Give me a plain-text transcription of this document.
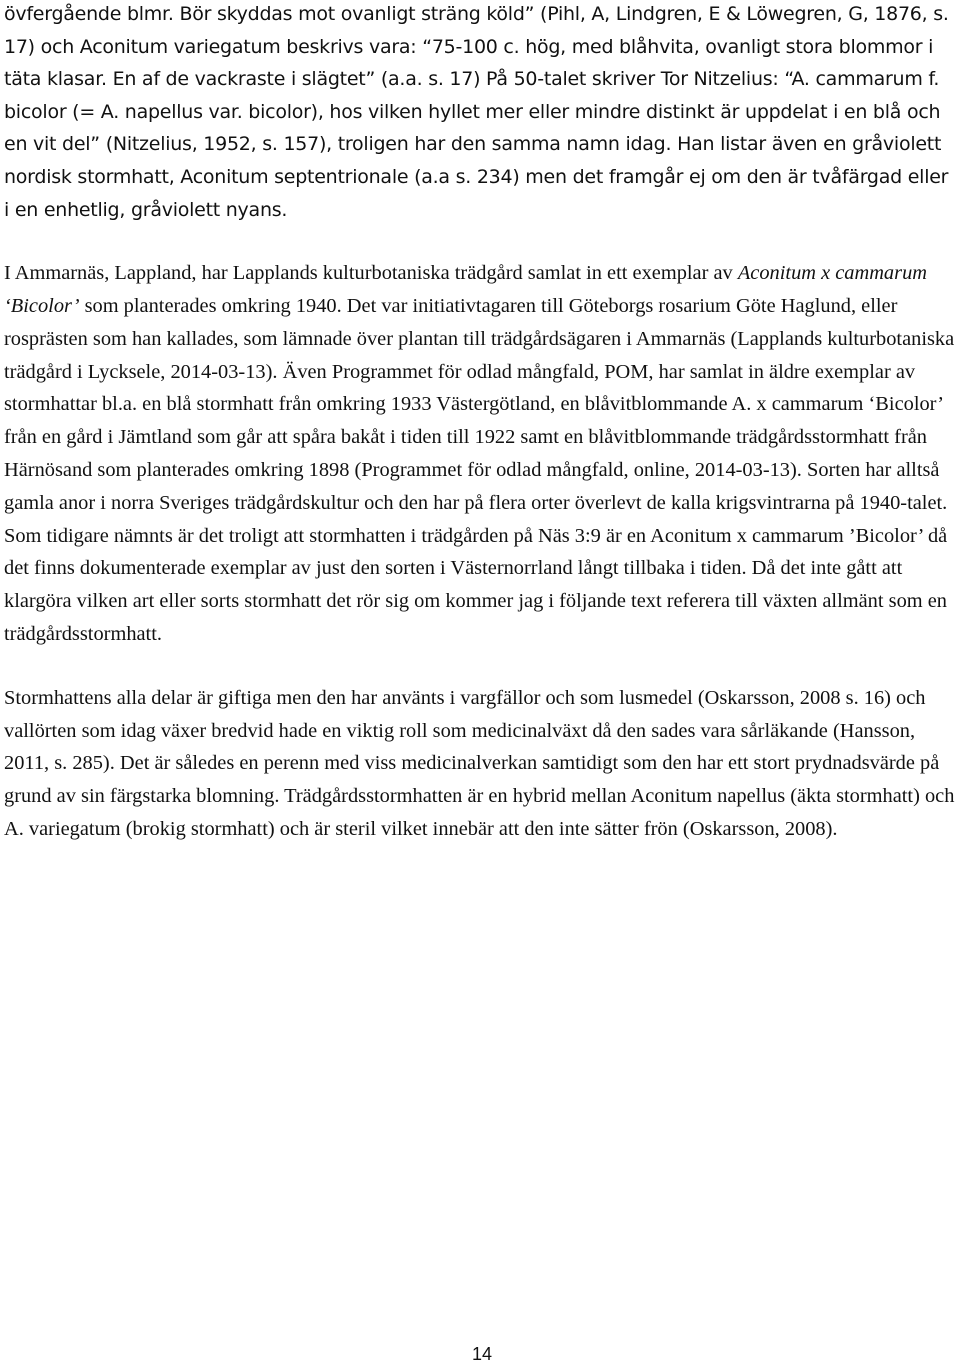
övfergående blmr. Bör skyddas mot ovanligt sträng köld” (Pihl, A, Lindgren, E & Löwegren, G, 1876, s. 17) och Aconitum variegatum beskrivs vara: “75-100 c. hög, med blåhvita, ovanligt stora blommor i täta klasar. En af de vackraste i slägtet” (a.a. s. 17) På 50-talet skriver Tor Nitzelius: “A. cammarum f. bicolor (= A. napellus var. bicolor), hos vilken hyllet mer eller mindre distinkt är uppdelat i en blå och en vit del” (Nitzelius, 1952, s. 157), troligen har den samma namn idag. Han listar även en gråviolett nordisk stormhatt, Aconitum septentrionale (a.a s. 234) men det framgår ej om den är tvåfärgad eller i en enhetlig, gråviolett nyans.

I Ammarnäs, Lappland, har Lapplands kulturbotaniska trädgård samlat in ett exemplar av Aconitum x cammarum ‘Bicolor’ som planterades omkring 1940. Det var initiativtagaren till Göteborgs rosarium Göte Haglund, eller rosprästen som han kallades, som lämnade över plantan till trädgårdsägaren i Ammarnäs (Lapplands kulturbotaniska trädgård i Lycksele, 2014-03-13). Även Programmet för odlad mångfald, POM, har samlat in äldre exemplar av stormhattar bl.a. en blå stormhatt från omkring 1933 Västergötland, en blåvitblommande A. x cammarum ‘Bicolor’ från en gård i Jämtland som går att spåra bakåt i tiden till 1922 samt en blåvitblommande trädgårdsstormhatt från Härnösand som planterades omkring 1898 (Programmet för odlad mångfald, online, 2014-03-13). Sorten har alltså gamla anor i norra Sveriges trädgårdskultur och den har på flera orter överlevt de kalla krigsvintrarna på 1940-talet. Som tidigare nämnts är det troligt att stormhatten i trädgården på Näs 3:9 är en Aconitum x cammarum ’Bicolor’ då det finns dokumenterade exemplar av just den sorten i Västernorrland långt tillbaka i tiden. Då det inte gått att klargöra vilken art eller sorts stormhatt det rör sig om kommer jag i följande text referera till växten allmänt som en trädgårdsstormhatt.

Stormhattens alla delar är giftiga men den har använts i vargfällor och som lusmedel (Oskarsson, 2008 s. 16) och vallörten som idag växer bredvid hade en viktig roll som medicinalväxt då den sades vara sårläkande (Hansson, 2011, s. 285). Det är således en perenn med viss medicinalverkan samtidigt som den har ett stort prydnadsvärde på grund av sin färgstarka blomning. Trädgårdsstormhatten är en hybrid mellan Aconitum napellus (äkta stormhatt) och A. variegatum (brokig stormhatt) och är steril vilket innebär att den inte sätter frön (Oskarsson, 2008).

14
